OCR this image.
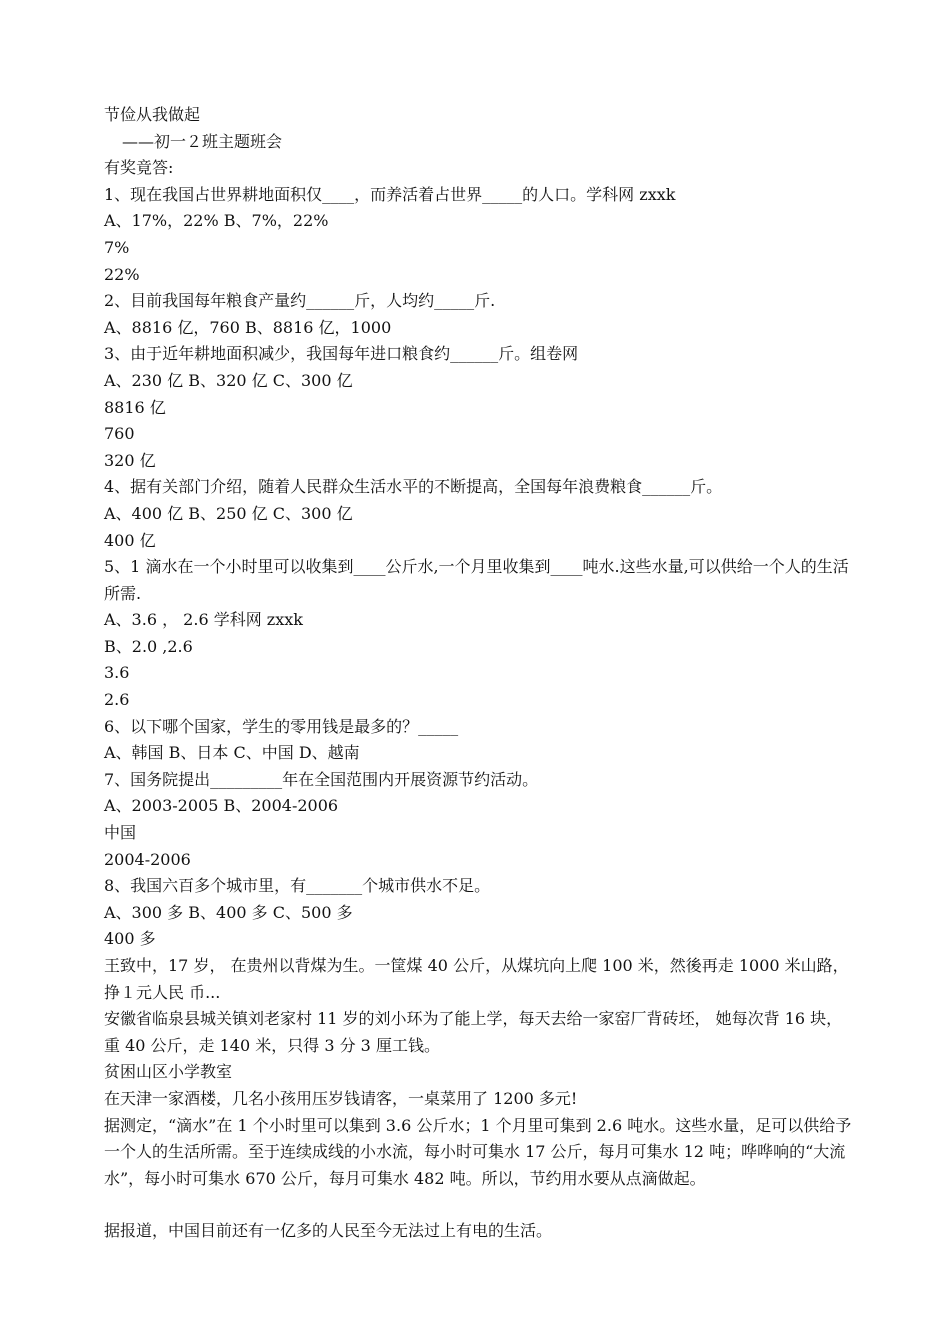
节俭从我做起
——初一２班主题班会
有奖竟答:
1、现在我国占世界耕地面积仅____，而养活着占世界_____的人口。学科网 zxxk
A、17%，22% B、7%，22%
7%
22%
2、目前我国每年粮食产量约______斤，人均约_____斤.
A、8816 亿，760 B、8816 亿，1000
3、由于近年耕地面积减少，我国每年进口粮食约______斤。组卷网
A、230 亿 B、320 亿 C、300 亿
8816 亿
760
320 亿
4、据有关部门介绍，随着人民群众生活水平的不断提高，全国每年浪费粮食______斤。
A、400 亿 B、250 亿 C、300 亿
400 亿
5、1 滴水在一个小时里可以收集到____公斤水,一个月里收集到____吨水.这些水量,可以供给一个人的生活所需.
A、3.6 ， 2.6 学科网 zxxk
B、2.0 ,2.6
3.6
2.6
6、以下哪个国家，学生的零用钱是最多的？_____
A、韩国 B、日本 C、中国 D、越南
7、国务院提出_________年在全国范围内开展资源节约活动。
A、2003-2005 B、2004-2006
中国
2004-2006
8、我国六百多个城市里，有_______个城市供水不足。
A、300 多 B、400 多 C、500 多
400 多
王致中，17 岁， 在贵州以背煤为生。一筐煤 40 公斤，从煤坑向上爬 100 米，然後再走 1000 米山路，挣１元人民 币...
安徽省临泉县城关镇刘老家村 11 岁的刘小环为了能上学，每天去给一家窑厂背砖坯， 她每次背 16 块，重 40 公斤，走 140 米，只得 3 分 3 厘工钱。
贫困山区小学教室
在天津一家酒楼，几名小孩用压岁钱请客，一桌菜用了 1200 多元!
据测定，“滴水”在 1 个小时里可以集到 3.6 公斤水；1 个月里可集到 2.6 吨水。这些水量，足可以供给予一个人的生活所需。至于连续成线的小水流，每小时可集水 17 公斤，每月可集水 12 吨；哗哗响的“大流水”，每小时可集水 670 公斤，每月可集水 482 吨。所以，节约用水要从点滴做起。
据报道，中国目前还有一亿多的人民至今无法过上有电的生活。
